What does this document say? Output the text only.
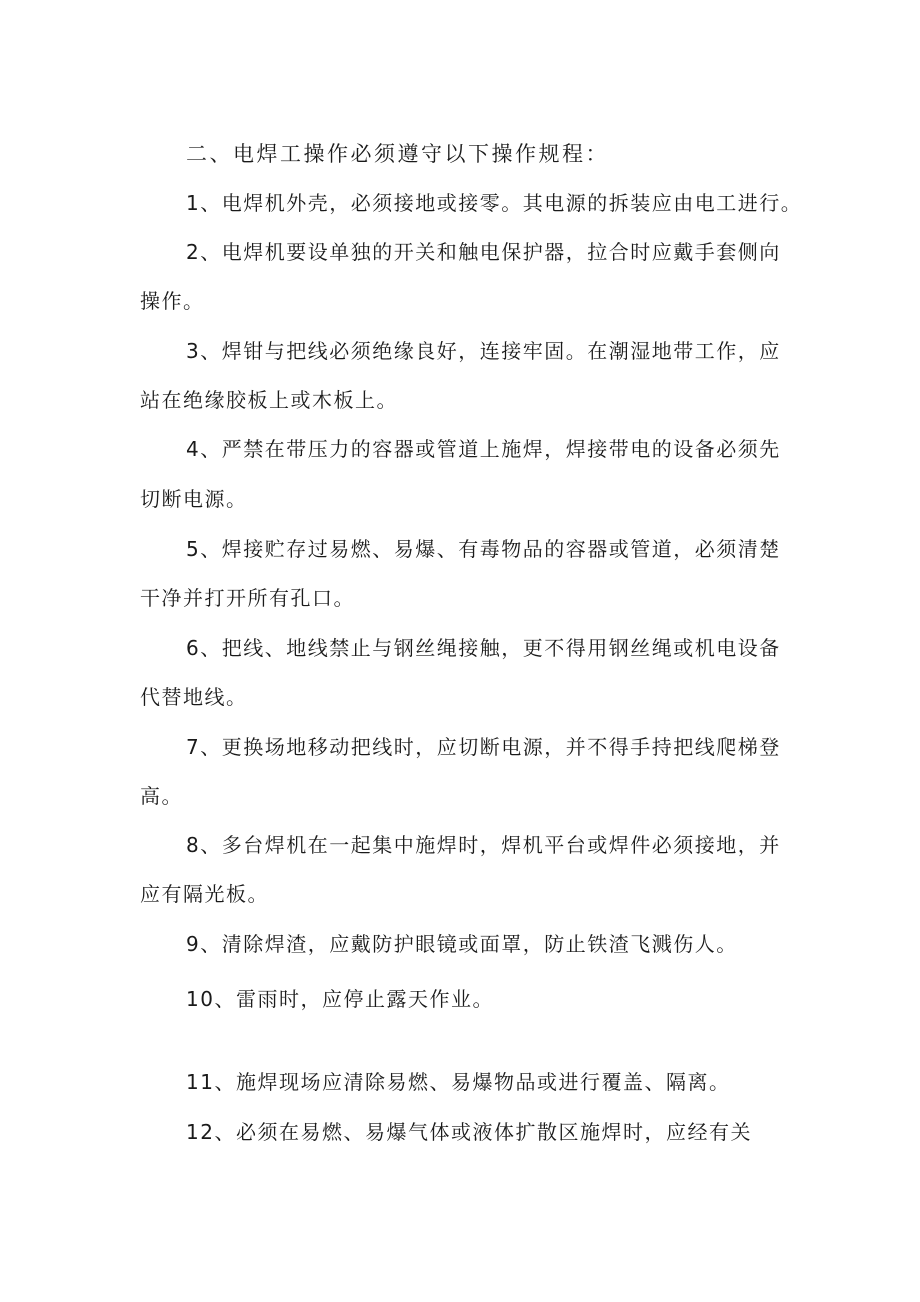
二、电焊工操作必须遵守以下操作规程：
1、电焊机外壳，必须接地或接零。其电源的拆装应由电工进行。
2、电焊机要设单独的开关和触电保护器，拉合时应戴手套侧向
操作。
3、焊钳与把线必须绝缘良好，连接牢固。在潮湿地带工作，应
站在绝缘胶板上或木板上。
4、严禁在带压力的容器或管道上施焊，焊接带电的设备必须先
切断电源。
5、焊接贮存过易燃、易爆、有毒物品的容器或管道，必须清楚
干净并打开所有孔口。
6、把线、地线禁止与钢丝绳接触，更不得用钢丝绳或机电设备
代替地线。
7、更换场地移动把线时，应切断电源，并不得手持把线爬梯登
高。
8、多台焊机在一起集中施焊时，焊机平台或焊件必须接地，并
应有隔光板。
9、清除焊渣，应戴防护眼镜或面罩，防止铁渣飞溅伤人。
10、雷雨时，应停止露天作业。
11、施焊现场应清除易燃、易爆物品或进行覆盖、隔离。
12、必须在易燃、易爆气体或液体扩散区施焊时，应经有关
